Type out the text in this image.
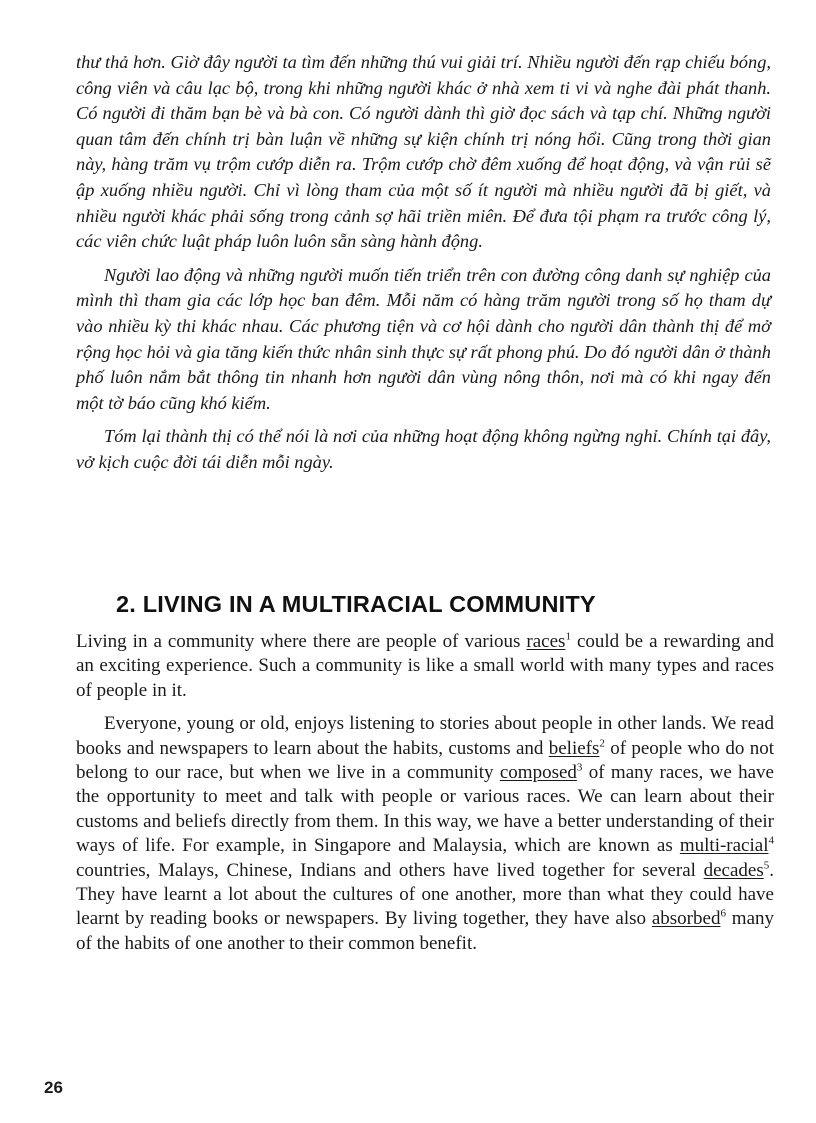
thư thả hơn. Giờ đây người ta tìm đến những thú vui giải trí. Nhiều người đến rạp chiếu bóng, công viên và câu lạc bộ, trong khi những người khác ở nhà xem ti vi và nghe đài phát thanh. Có người đi thăm bạn bè và bà con. Có người dành thì giờ đọc sách và tạp chí. Những người quan tâm đến chính trị bàn luận về những sự kiện chính trị nóng hổi. Cũng trong thời gian này, hàng trăm vụ trộm cướp diễn ra. Trộm cướp chờ đêm xuống để hoạt động, và vận rủi sẽ ập xuống nhiều người. Chỉ vì lòng tham của một số ít người mà nhiều người đã bị giết, và nhiều người khác phải sống trong cảnh sợ hãi triền miên. Để đưa tội phạm ra trước công lý, các viên chức luật pháp luôn luôn sẵn sàng hành động.

Người lao động và những người muốn tiến triển trên con đường công danh sự nghiệp của mình thì tham gia các lớp học ban đêm. Mỗi năm có hàng trăm người trong số họ tham dự vào nhiều kỳ thi khác nhau. Các phương tiện và cơ hội dành cho người dân thành thị để mở rộng học hỏi và gia tăng kiến thức nhân sinh thực sự rất phong phú. Do đó người dân ở thành phố luôn nắm bắt thông tin nhanh hơn người dân vùng nông thôn, nơi mà có khi ngay đến một tờ báo cũng khó kiếm.

Tóm lại thành thị có thể nói là nơi của những hoạt động không ngừng nghỉ. Chính tại đây, vở kịch cuộc đời tái diễn mỗi ngày.

2. LIVING IN A MULTIRACIAL COMMUNITY

Living in a community where there are people of various races$^1$ could be a rewarding and an exciting experience. Such a community is like a small world with many types and races of people in it.

Everyone, young or old, enjoys listening to stories about people in other lands. We read books and newspapers to learn about the habits, customs and beliefs$^2$ of people who do not belong to our race, but when we live in a community composed$^3$ of many races, we have the opportunity to meet and talk with people or various races. We can learn about their customs and beliefs directly from them. In this way, we have a better understanding of their ways of life. For example, in Singapore and Malaysia, which are known as multi-racial$^4$ countries, Malays, Chinese, Indians and others have lived together for several decades$^5$. They have learnt a lot about the cultures of one another, more than what they could have learnt by reading books or newspapers. By living together, they have also absorbed$^6$ many of the habits of one another to their common benefit.

26
